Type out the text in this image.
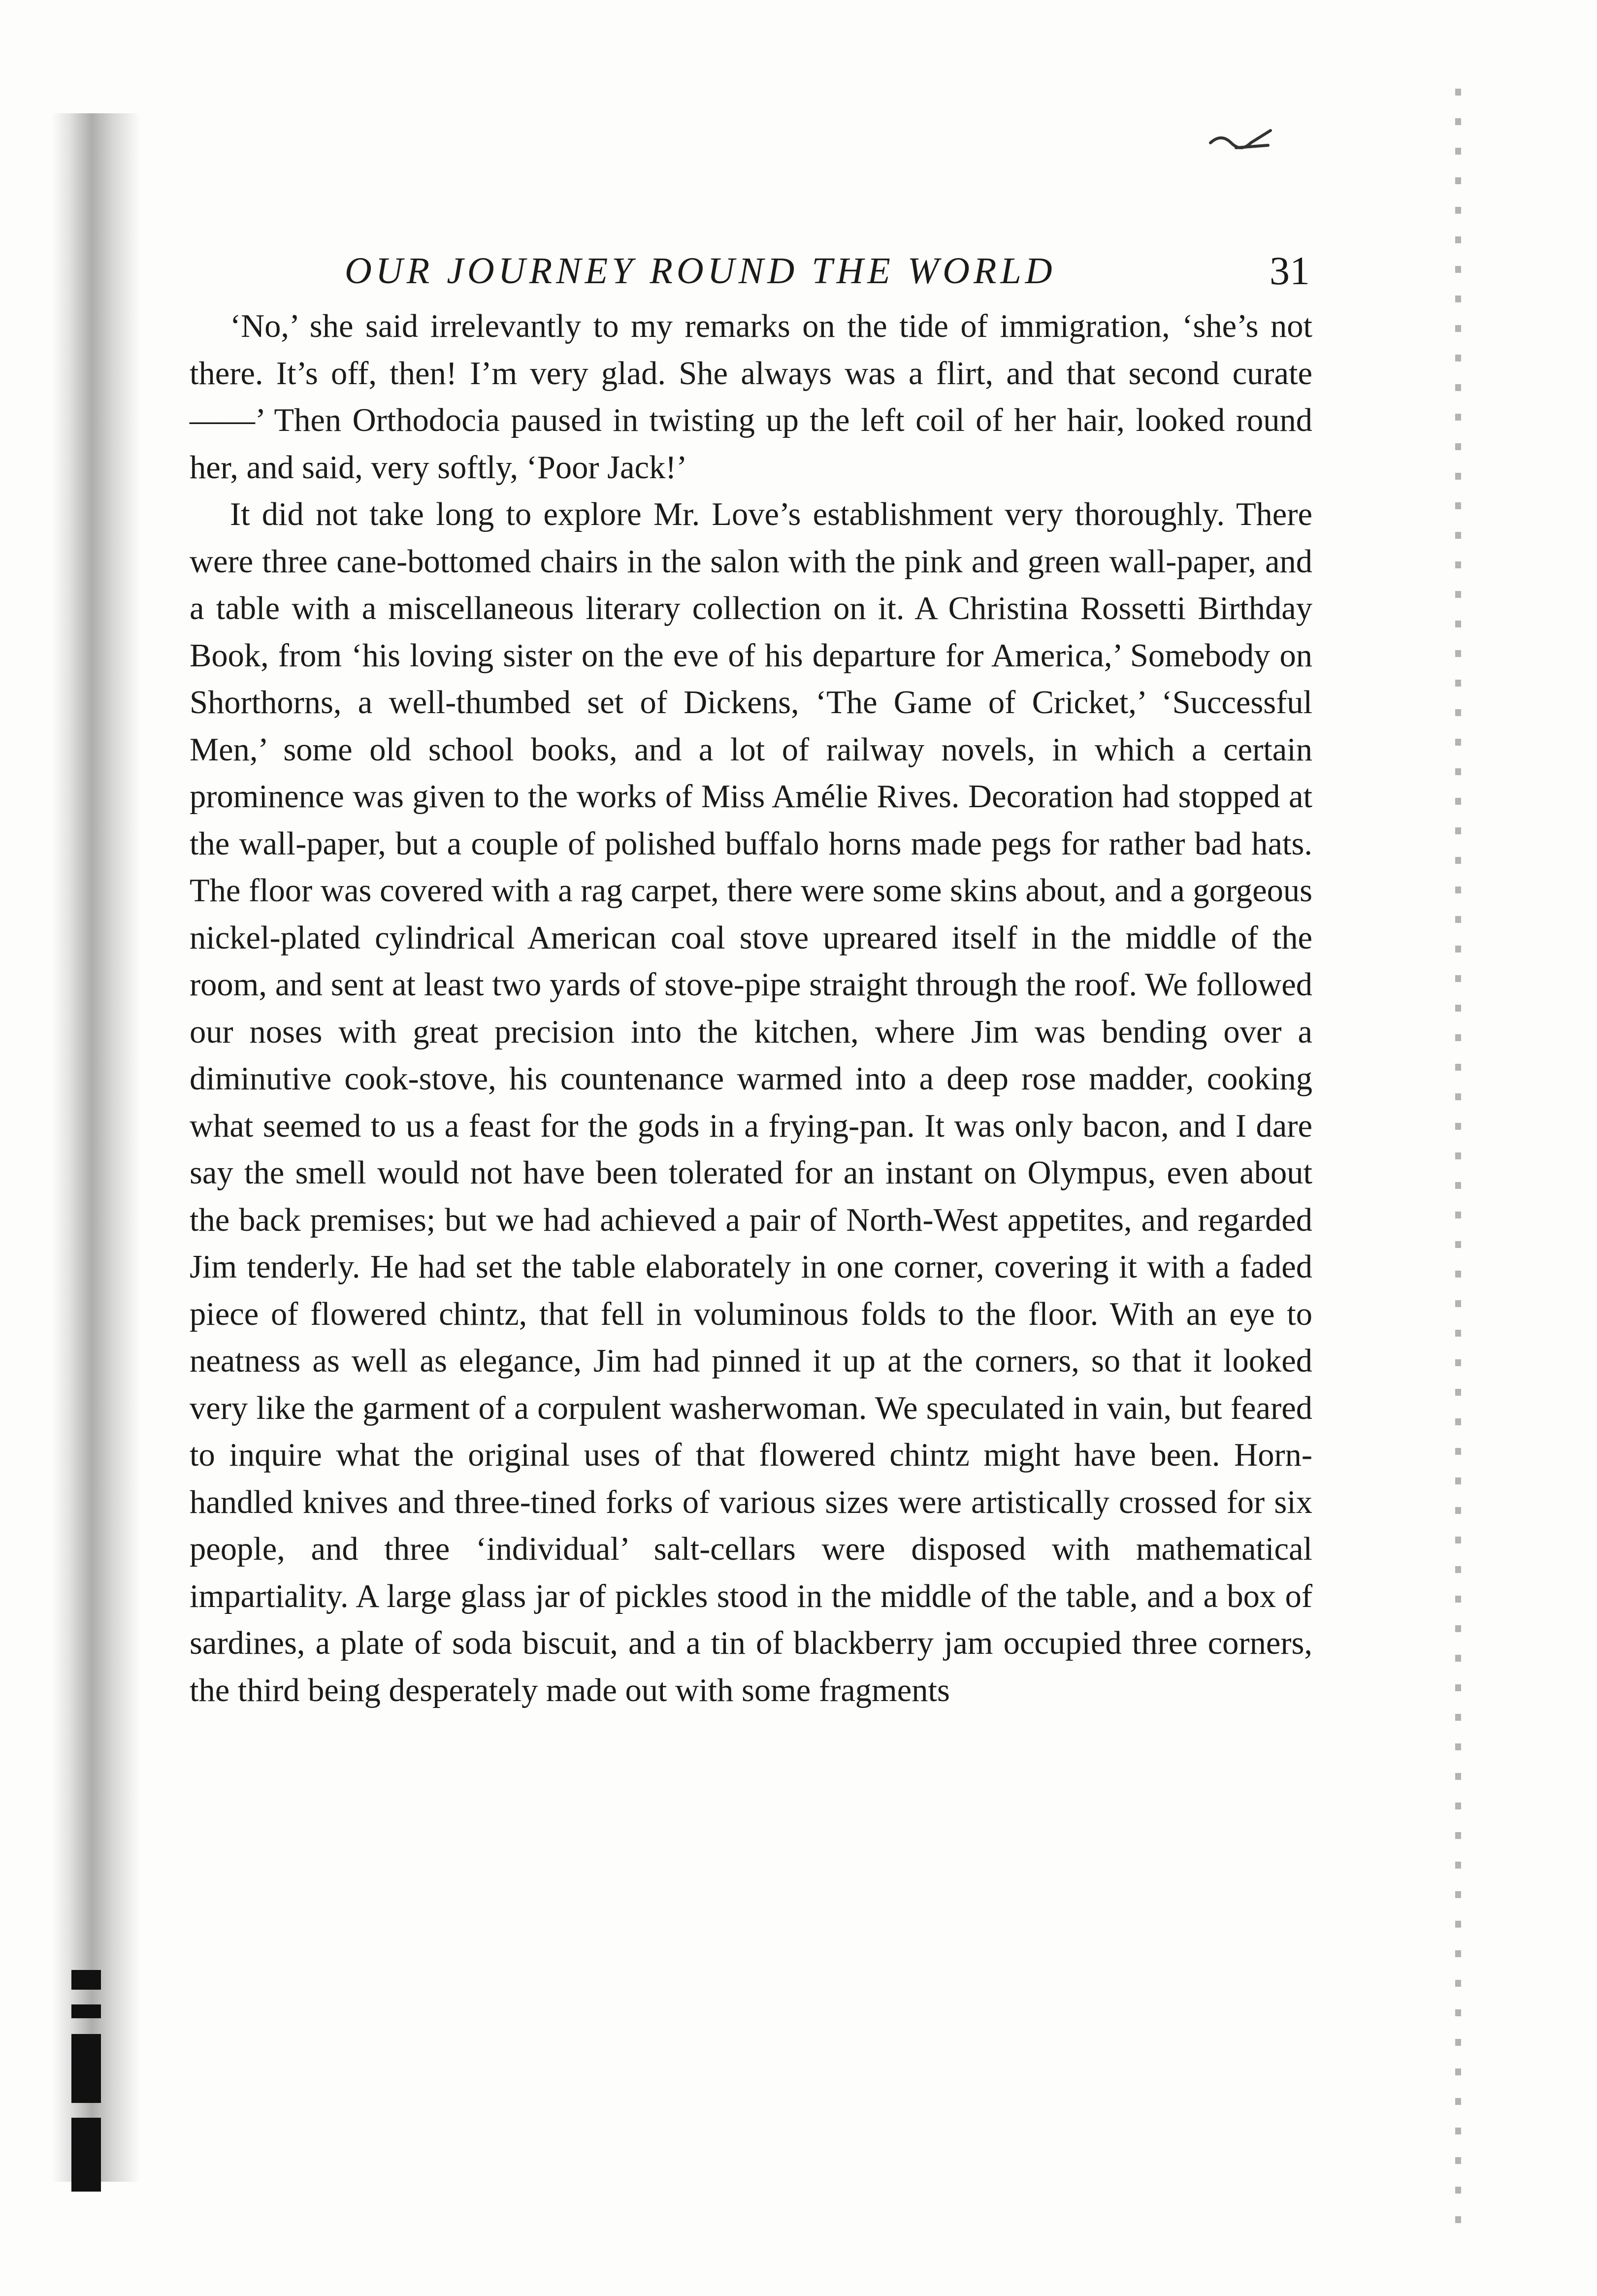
OUR JOURNEY ROUND THE WORLD	31

‘No,’ she said irrelevantly to my remarks on the tide of immigration, ‘she’s not there. It’s off, then! I’m very glad. She always was a flirt, and that second curate——’ Then Orthodocia paused in twisting up the left coil of her hair, looked round her, and said, very softly, ‘Poor Jack!’

It did not take long to explore Mr. Love’s establishment very thoroughly. There were three cane-bottomed chairs in the salon with the pink and green wall-paper, and a table with a miscellaneous literary collection on it. A Christina Rossetti Birthday Book, from ‘his loving sister on the eve of his departure for America,’ Somebody on Shorthorns, a well-thumbed set of Dickens, ‘The Game of Cricket,’ ‘Successful Men,’ some old school books, and a lot of railway novels, in which a certain prominence was given to the works of Miss Amélie Rives. Decoration had stopped at the wall-paper, but a couple of polished buffalo horns made pegs for rather bad hats. The floor was covered with a rag carpet, there were some skins about, and a gorgeous nickel-plated cylindrical American coal stove upreared itself in the middle of the room, and sent at least two yards of stove-pipe straight through the roof. We followed our noses with great precision into the kitchen, where Jim was bending over a diminutive cook-stove, his countenance warmed into a deep rose madder, cooking what seemed to us a feast for the gods in a frying-pan. It was only bacon, and I dare say the smell would not have been tolerated for an instant on Olympus, even about the back premises; but we had achieved a pair of North-West appetites, and regarded Jim tenderly. He had set the table elaborately in one corner, covering it with a faded piece of flowered chintz, that fell in voluminous folds to the floor. With an eye to neatness as well as elegance, Jim had pinned it up at the corners, so that it looked very like the garment of a corpulent washerwoman. We speculated in vain, but feared to inquire what the original uses of that flowered chintz might have been. Horn-handled knives and three-tined forks of various sizes were artistically crossed for six people, and three ‘individual’ salt-cellars were disposed with mathematical impartiality. A large glass jar of pickles stood in the middle of the table, and a box of sardines, a plate of soda biscuit, and a tin of blackberry jam occupied three corners, the third being desperately made out with some fragments
